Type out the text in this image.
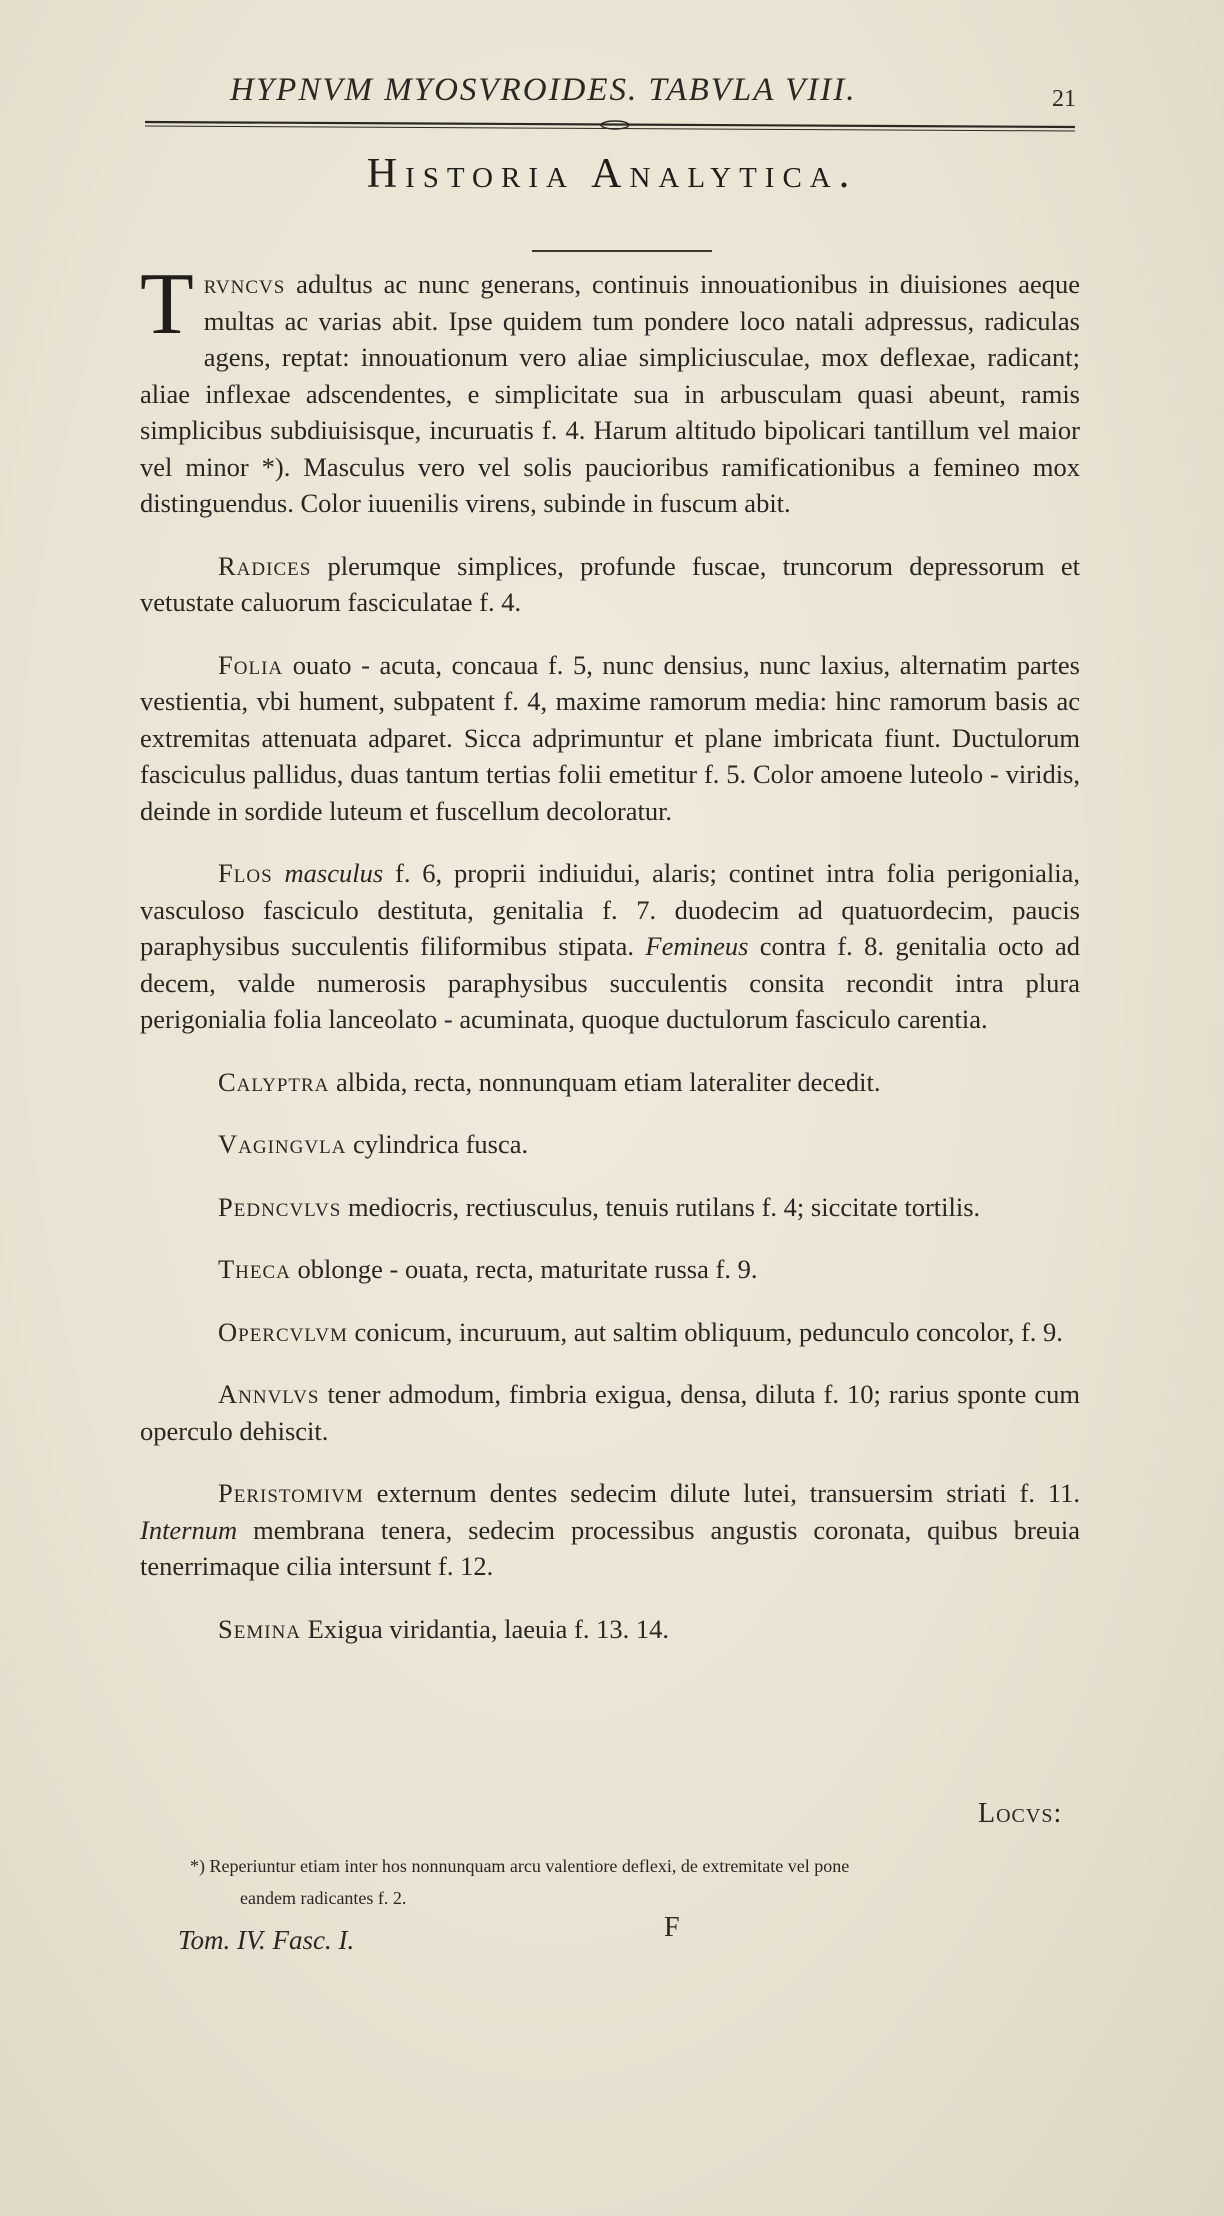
HYPNVM MYOSVROIDES. TABVLA VIII.	21
Historia Analytica.

Trvncvs adultus ac nunc generans, continuis innouationibus in diuisiones aeque multas ac varias abit. Ipse quidem tum pondere loco natali adpressus, radiculas agens, reptat: innouationum vero aliae simpliciusculae, mox deflexae, radicant; aliae inflexae adscendentes, e simplicitate sua in arbusculam quasi abeunt, ramis simplicibus subdiuisisque, incuruatis f. 4. Harum altitudo bipolicari tantillum vel maior vel minor *). Masculus vero vel solis paucioribus ramificationibus a femineo mox distinguendus. Color iuuenilis virens, subinde in fuscum abit.

Radices plerumque simplices, profunde fuscae, truncorum depressorum et vetustate caluorum fasciculatae f. 4.

Folia ouato - acuta, concaua f. 5, nunc densius, nunc laxius, alternatim partes vestientia, vbi hument, subpatent f. 4, maxime ramorum media: hinc ramorum basis ac extremitas attenuata adparet. Sicca adprimuntur et plane imbricata fiunt. Ductulorum fasciculus pallidus, duas tantum tertias folii emetitur f. 5. Color amoene luteolo - viridis, deinde in sordide luteum et fuscellum decoloratur.

Flos masculus f. 6, proprii indiuidui, alaris; continet intra folia perigonialia, vasculoso fasciculo destituta, genitalia f. 7. duodecim ad quatuordecim, paucis paraphysibus succulentis filiformibus stipata. Femineus contra f. 8. genitalia octo ad decem, valde numerosis paraphysibus succulentis consita recondit intra plura perigonialia folia lanceolato - acuminata, quoque ductulorum fasciculo carentia.

Calyptra albida, recta, nonnunquam etiam lateraliter decedit.

Vagingvla cylindrica fusca.

Pedncvlvs mediocris, rectiusculus, tenuis rutilans f. 4; siccitate tortilis.

Theca oblonge - ouata, recta, maturitate russa f. 9.

Opercvlvm conicum, incuruum, aut saltim obliquum, pedunculo concolor, f. 9.

Annvlvs tener admodum, fimbria exigua, densa, diluta f. 10; rarius sponte cum operculo dehiscit.

Peristomivm externum dentes sedecim dilute lutei, transuersim striati f. 11. Internum membrana tenera, sedecim processibus angustis coronata, quibus breuia tenerrimaque cilia intersunt f. 12.

Semina Exigua viridantia, laeuia f. 13. 14.

Locvs:
*) Reperiuntur etiam inter hos nonnunquam arcu valentiore deflexi, de extremitate vel pone
eandem radicantes f. 2.
Tom. IV. Fasc. I.	F
